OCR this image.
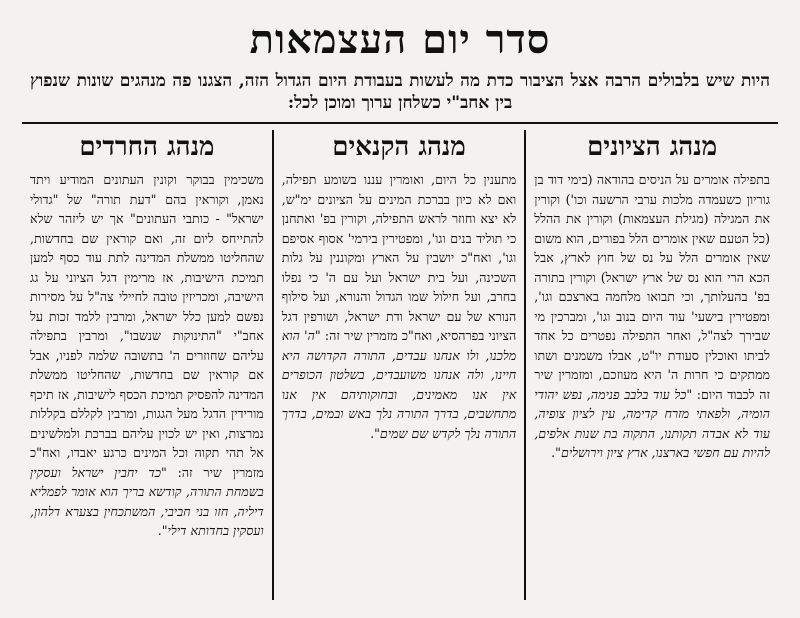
סדר יום העצמאות

היות שיש בלבולים הרבה אצל הציבור כדת מה לעשות בעבודת היום הגדול הזה, הצגנו פה מנהגים שונות שנפוץ בין אחב"י כשלחן ערוך ומוכן לכל:

מנהג הציונים

בתפילה אומרים על הניסים בהודאה (בימי דוד בן גוריון כשעמדה מלכות ערבי הרשעה וכו') וקורין את המגילה (מגילת העצמאות) וקורין את ההלל (כל הטעם שאין אומרים הלל בפורים, הוא משום שאין אומרים הלל על נס של חוץ לארץ, אבל הכא הרי הוא נס של ארץ ישראל) וקורין בתורה בפ' בהעלותך, וכי תבואו מלחמה בארצכם וגו', ומפטירין בישעי' עוד היום בנוב וגו', ומברכין מי שבירך לצה"ל, ואחר התפילה נפטרים כל אחד לביתו ואוכלין סעודת יו"ט, אבלו משמנים ושתו ממתקים כי חרות ה' היא מעוזכם, ומזמרין שיר זה לכבוד היום: "כל עוד בלבב פנימה, נפש יהודי הומיה, ולפאתי מזרח קדימה, עין לציון צופיה, עוד לא אבדה תקותנו, התקוה בת שנות אלפים, להיות עם חפשי בארצנו, ארץ ציון וירושלים".

מנהג הקנאים

מתענין כל היום, ואומרין עננו בשומע תפילה, ואם לא כיון בברכת המינים על הציונים ימ"ש, לא יצא וחוזר לראש התפילה, וקורין בפ' ואתחנן כי תוליד בנים וגו', ומפטירין בירמי' אסוף אסיפם וגו', ואח"כ יושבין על הארץ ומקוננין על גלות השכינה, ועל בית ישראל ועל עם ה' כי נפלו בחרב, ועל חילול שמו הגדול והנורא, ועל סילוף הנורא של עם ישראל ודת ישראל, ושורפין דגל הציוני בפרהסיא, ואח"כ מזמרין שיר זה: "ה' הוא מלכנו, ולו אנחנו עבדים, התורה הקדושה היא חיינו, ולה אנחנו משועבדים, בשלטון הכופרים אין אנו מאמינים, ובחוקותיהם אין אנו מתחשבים, בדרך התורה נלך באש ובמים, בדרך התורה נלך לקדש שם שמים".

מנהג החרדים

משכימין בבוקר וקונין העתונים המודיע ויתד נאמן, וקוראין בהם "דעת תורה" של "גדולי ישראל" - כותבי העתונים" אך יש ליזהר שלא להתייחס ליום זה, ואם קוראין שם בחדשות, שהחליטו ממשלת המדינה לתת עוד כסף למען תמיכת הישיבות, אז מרימין דגל הציוני על גג הישיבה, ומכריזין טובה לחיילי צה"ל על מסירות נפשם למען כלל ישראל, ומרבין ללמד זכות על אחב"י "התינוקות שנשבו", ומרבין בתפילה עליהם שחוזרים ה' בתשובה שלמה לפניו, אבל אם קוראין שם בחדשות, שהחליטו ממשלת המדינה להפסיק תמיכת הכסף לישיבות, אז תיכף מורידין הדגל מעל הגגות, ומרבין לקללם בקללות נמרצות, ואין יש לכוין עליהם בברכת ולמלשינים אל תהי תקוה וכל המינים כרגע יאבדו, ואח"כ מזמרין שיר זה: "כד יחבין ישראל ועסקין בשמחת התורה, קודשא בריך הוא אומר לפמליא דיליה, חזו בני חביבי, המשתכחין בצערא דלהון, ועסקין בחדותא דילי".
